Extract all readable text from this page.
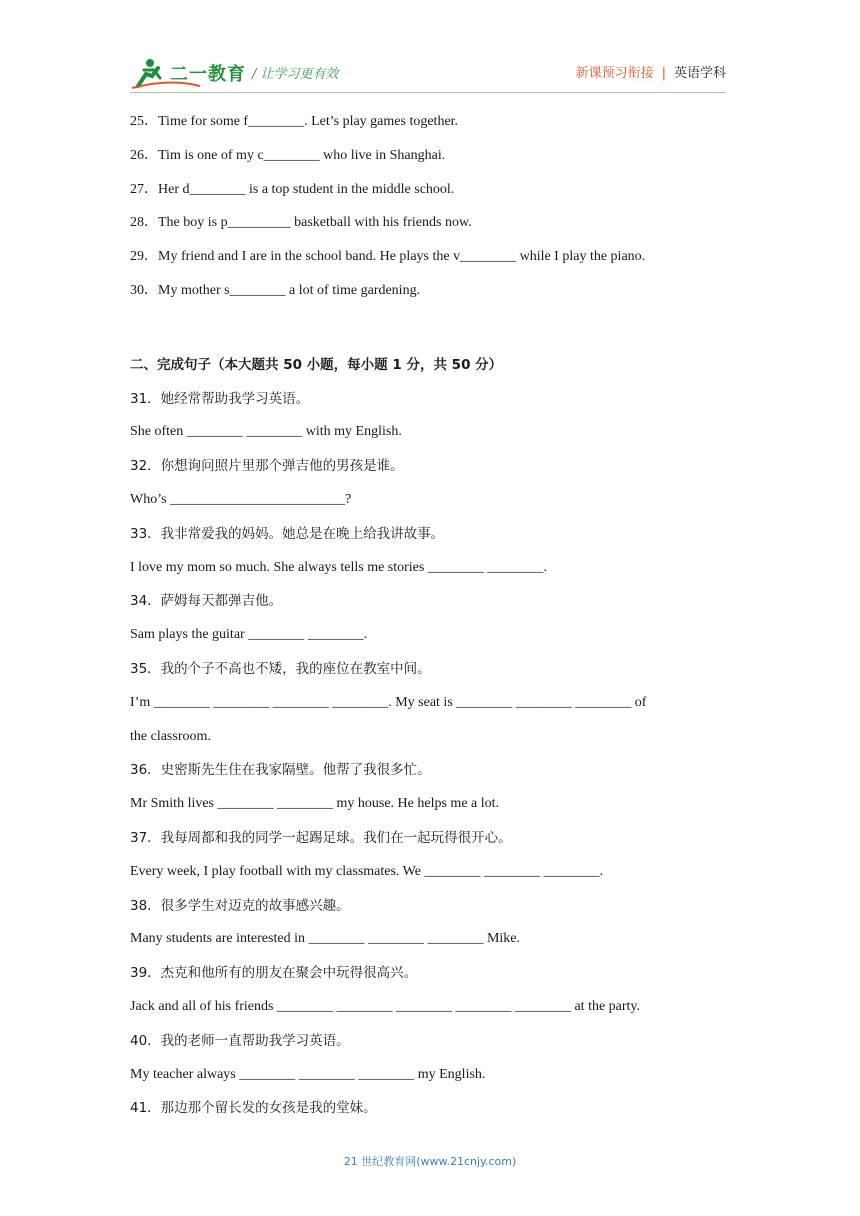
二一教育 / 让学习更有效	新课预习衔接 | 英语学科
25．Time for some f________. Let’s play games together.
26．Tim is one of my c________ who live in Shanghai.
27．Her d________ is a top student in the middle school.
28．The boy is p_________ basketball with his friends now.
29．My friend and I are in the school band. He plays the v________ while I play the piano.
30．My mother s________ a lot of time gardening.
二、完成句子（本大题共 50 小题，每小题 1 分，共 50 分）
31．她经常帮助我学习英语。
She often ________ ________ with my English.
32．你想询问照片里那个弹吉他的男孩是谁。
Who’s _________________________?
33．我非常爱我的妈妈。她总是在晚上给我讲故事。
I love my mom so much. She always tells me stories ________ ________.
34．萨姆每天都弹吉他。
Sam plays the guitar ________ ________.
35．我的个子不高也不矮，我的座位在教室中间。
I’m ________ ________ ________ ________. My seat is ________ ________ ________ of
the classroom.
36．史密斯先生住在我家隔壁。他帮了我很多忙。
Mr Smith lives ________ ________ my house. He helps me a lot.
37．我每周都和我的同学一起踢足球。我们在一起玩得很开心。
Every week, I play football with my classmates. We ________ ________ ________.
38．很多学生对迈克的故事感兴趣。
Many students are interested in ________ ________ ________ Mike.
39．杰克和他所有的朋友在聚会中玩得很高兴。
Jack and all of his friends ________ ________ ________ ________ ________ at the party.
40．我的老师一直帮助我学习英语。
My teacher always ________ ________ ________ my English.
41．那边那个留长发的女孩是我的堂妹。
21 世纪教育网(www.21cnjy.com)
